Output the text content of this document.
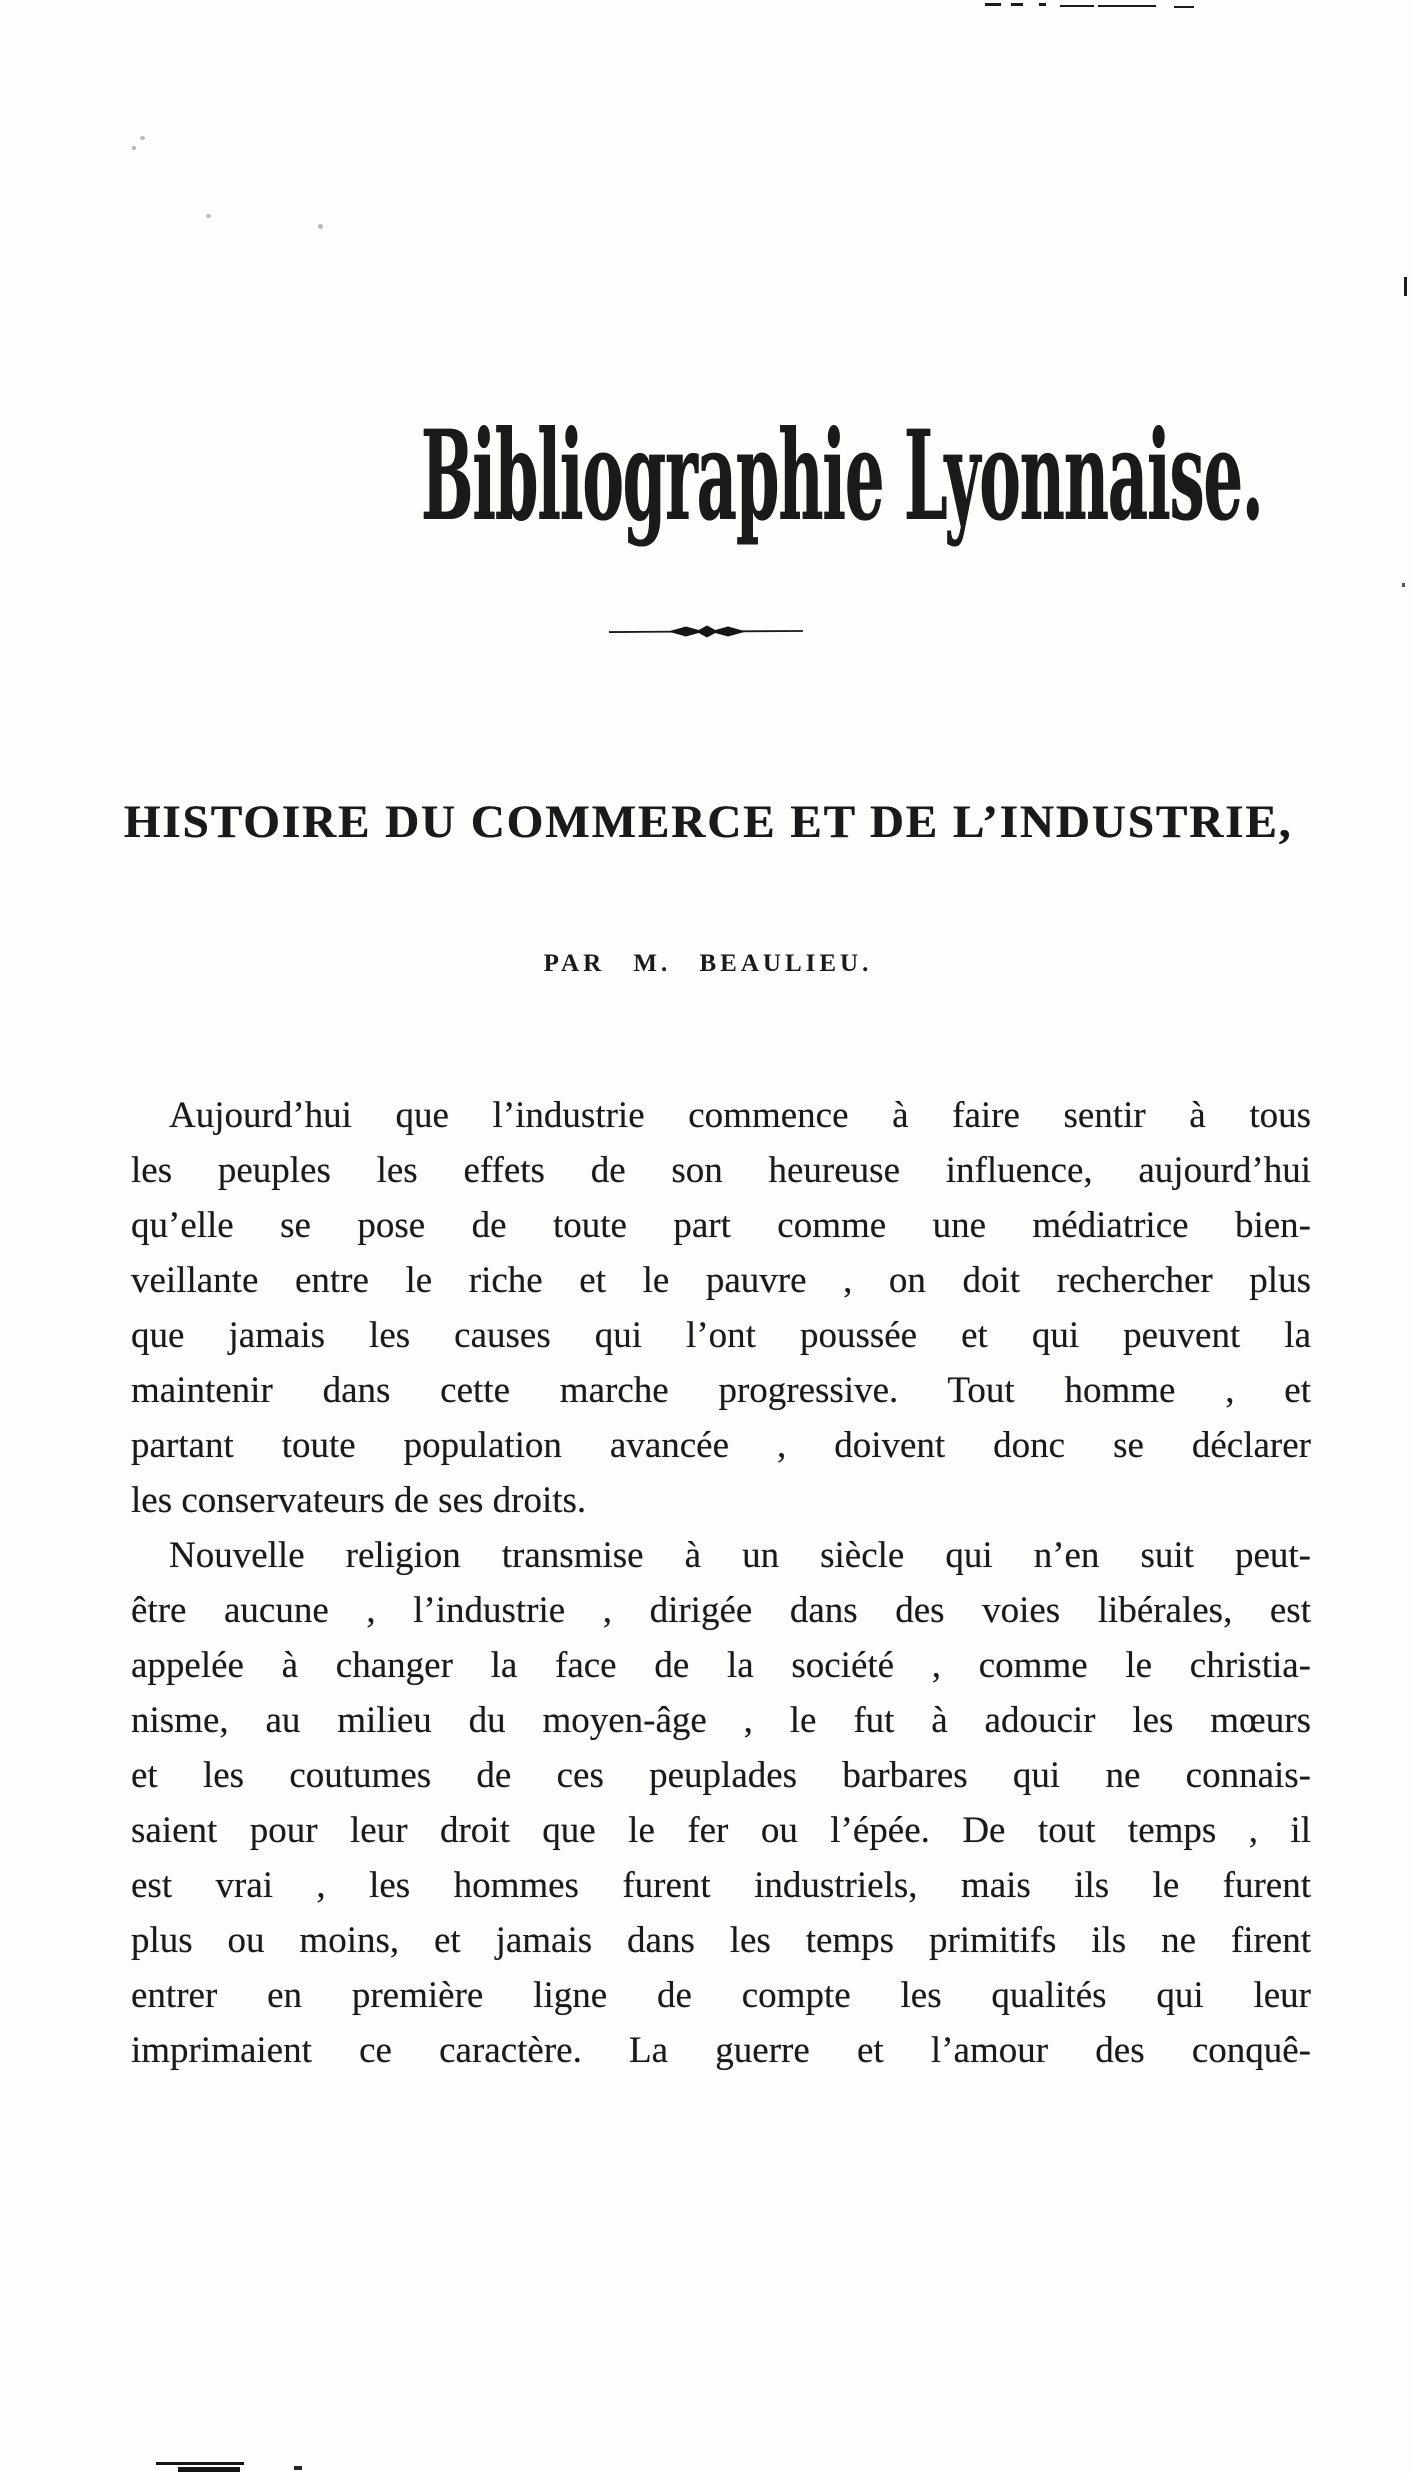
Bibliographie Lyonnaise.
HISTOIRE DU COMMERCE ET DE L’INDUSTRIE,
PAR M. BEAULIEU.
Aujourd’hui que l’industrie commence à faire sentir à tous
les peuples les effets de son heureuse influence, aujourd’hui
qu’elle se pose de toute part comme une médiatrice bien-
veillante entre le riche et le pauvre , on doit rechercher plus
que jamais les causes qui l’ont poussée et qui peuvent la
maintenir dans cette marche progressive. Tout homme , et
partant toute population avancée , doivent donc se déclarer
les conservateurs de ses droits.
Nouvelle religion transmise à un siècle qui n’en suit peut-
être aucune , l’industrie , dirigée dans des voies libérales, est
appelée à changer la face de la société , comme le christia-
nisme, au milieu du moyen-âge , le fut à adoucir les mœurs
et les coutumes de ces peuplades barbares qui ne connais-
saient pour leur droit que le fer ou l’épée. De tout temps , il
est vrai , les hommes furent industriels, mais ils le furent
plus ou moins, et jamais dans les temps primitifs ils ne firent
entrer en première ligne de compte les qualités qui leur
imprimaient ce caractère. La guerre et l’amour des conquê-
